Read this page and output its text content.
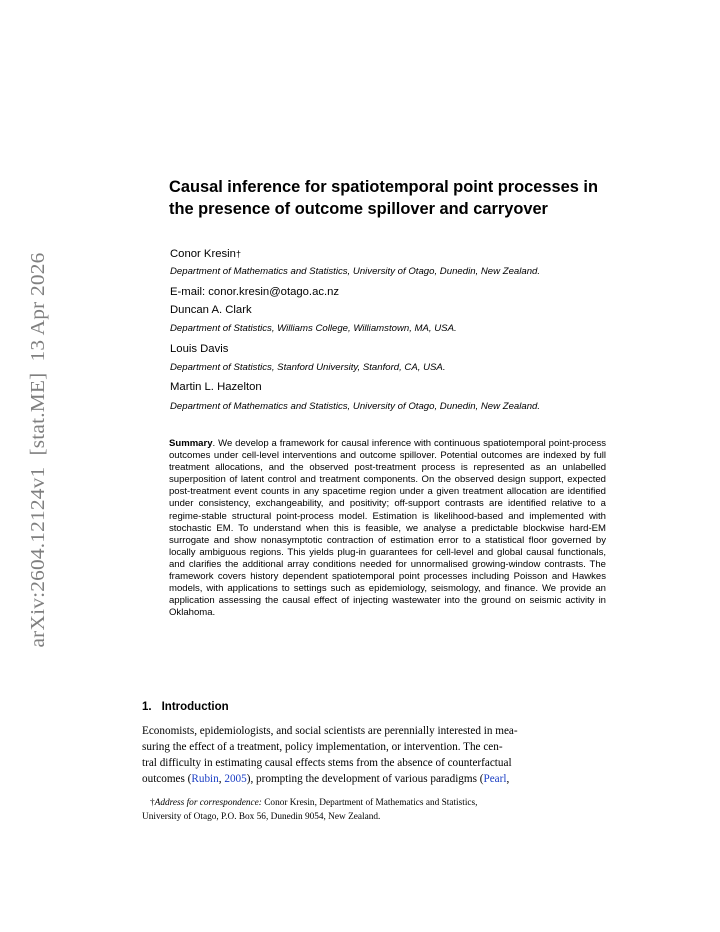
arXiv:2604.12124v1  [stat.ME]  13 Apr 2026
Causal inference for spatiotemporal point processes in
the presence of outcome spillover and carryover
Conor Kresin†
Department of Mathematics and Statistics, University of Otago, Dunedin, New Zealand.
E-mail: conor.kresin@otago.ac.nz
Duncan A. Clark
Department of Statistics, Williams College, Williamstown, MA, USA.
Louis Davis
Department of Statistics, Stanford University, Stanford, CA, USA.
Martin L. Hazelton
Department of Mathematics and Statistics, University of Otago, Dunedin, New Zealand.
Summary. We develop a framework for causal inference with continuous spatiotemporal point-process outcomes under cell-level interventions and outcome spillover. Potential outcomes are indexed by full treatment allocations, and the observed post-treatment process is represented as an unlabelled superposition of latent control and treatment components. On the observed design support, expected post-treatment event counts in any spacetime region under a given treatment allocation are identified under consistency, exchangeability, and positivity; off-support contrasts are identified relative to a regime-stable structural point-process model. Estimation is likelihood-based and implemented with stochastic EM. To understand when this is feasible, we analyse a predictable blockwise hard-EM surrogate and show nonasymptotic contraction of estimation error to a statistical floor governed by locally ambiguous regions. This yields plug-in guarantees for cell-level and global causal functionals, and clarifies the additional array conditions needed for unnormalised growing-window contrasts. The framework covers history dependent spatiotemporal point processes including Poisson and Hawkes models, with applications to settings such as epidemiology, seismology, and finance. We provide an application assessing the causal effect of injecting wastewater into the ground on seismic activity in Oklahoma.
1. Introduction
Economists, epidemiologists, and social scientists are perennially interested in mea-
suring the effect of a treatment, policy implementation, or intervention. The cen-
tral difficulty in estimating causal effects stems from the absence of counterfactual
outcomes (Rubin, 2005), prompting the development of various paradigms (Pearl,
†Address for correspondence: Conor Kresin, Department of Mathematics and Statistics,
University of Otago, P.O. Box 56, Dunedin 9054, New Zealand.
